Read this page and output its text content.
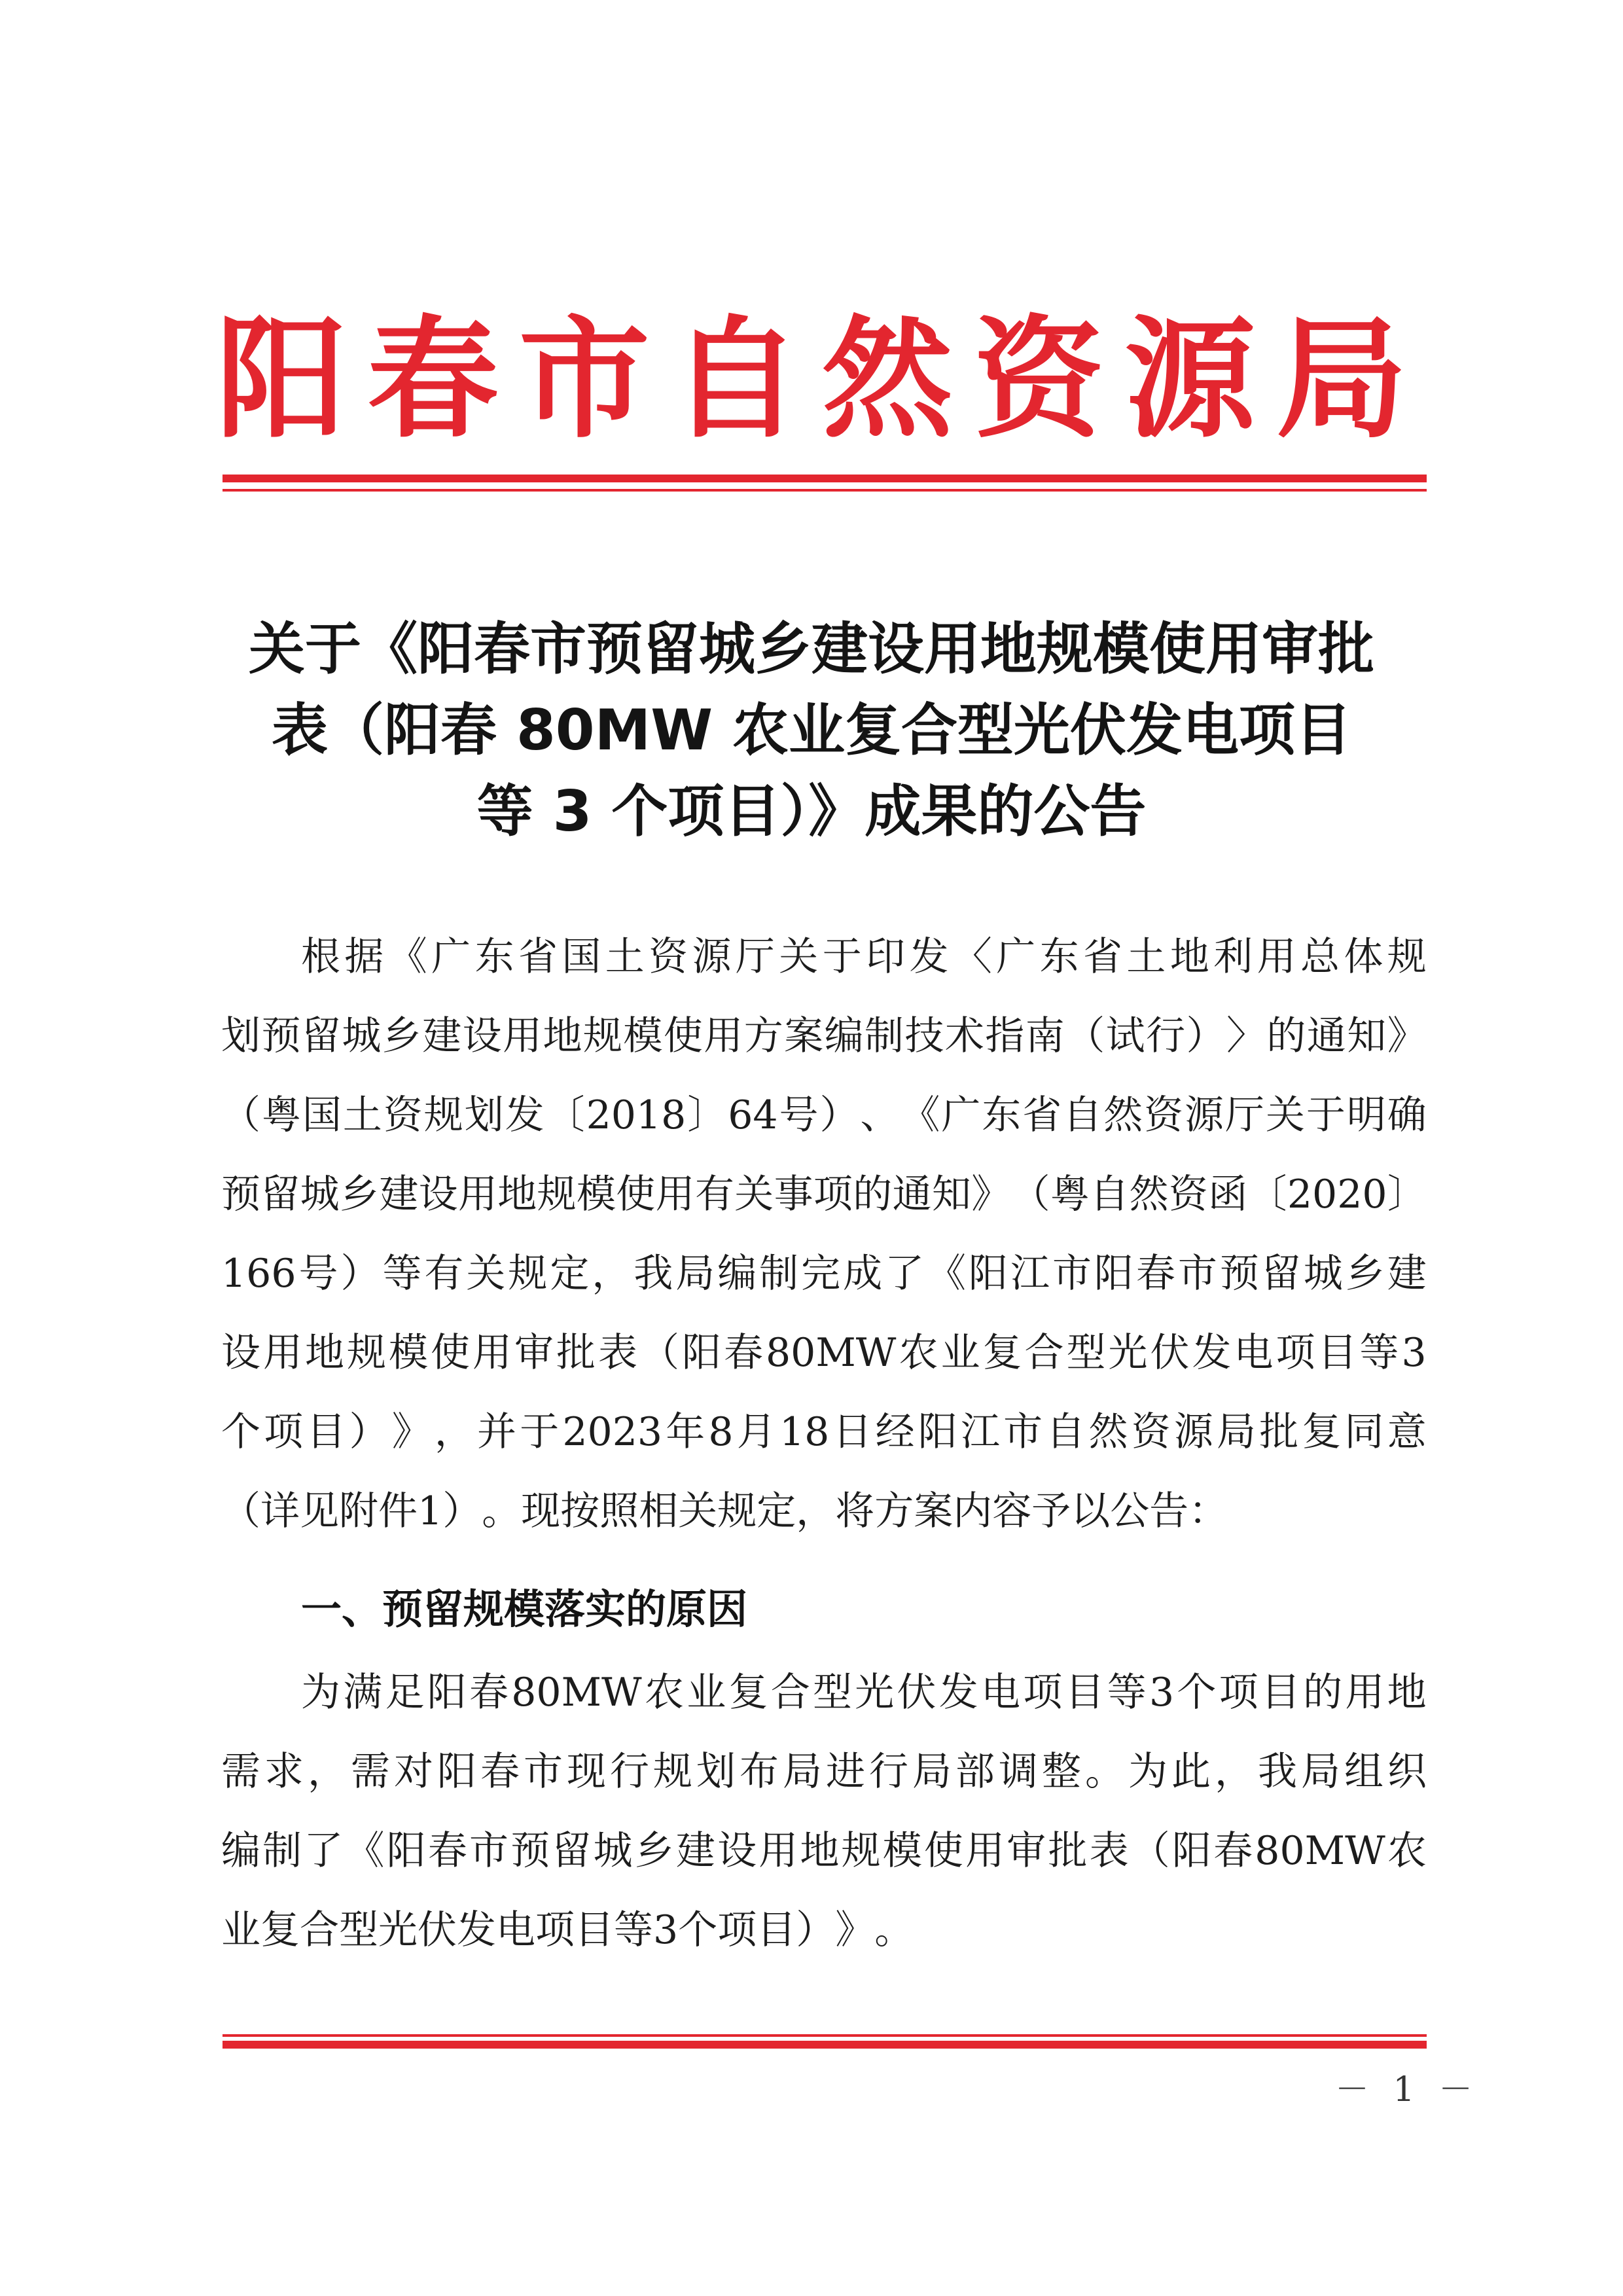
阳 春 市 自 然 资 源 局
关于《阳春市预留城乡建设用地规模使用审批
表（阳春 80MW 农业复合型光伏发电项目
等 3 个项目）》成果的公告
根 据 《 广 东 省 国 土 资 源 厅 关 于 印 发 〈 广 东 省 土 地 利 用 总 体 规
划 预 留 城 乡 建 设 用 地 规 模 使 用 方 案 编 制 技 术 指 南 （ 试 行 ） 〉 的 通 知 》
（ 粤 国 土 资 规 划 发 〔 2018 〕 64 号 ） 、 《 广 东 省 自 然 资 源 厅 关 于 明 确
预 留 城 乡 建 设 用 地 规 模 使 用 有 关 事 项 的 通 知 》 （ 粤 自 然 资 函 〔 2020 〕
166 号 ） 等 有 关 规 定 ， 我 局 编 制 完 成 了 《 阳 江 市 阳 春 市 预 留 城 乡 建
设 用 地 规 模 使 用 审 批 表 （ 阳 春 80MW 农 业 复 合 型 光 伏 发 电 项 目 等 3
个 项 目 ） 》 ， 并 于 2023 年 8 月 18 日 经 阳 江 市 自 然 资 源 局 批 复 同 意
（ 详 见 附 件 1 ） 。 现 按 照 相 关 规 定 ， 将 方 案 内 容 予 以 公 告 ：
一、预留规模落实的原因
为 满 足 阳 春 80MW 农 业 复 合 型 光 伏 发 电 项 目 等 3 个 项 目 的 用 地
需 求 ， 需 对 阳 春 市 现 行 规 划 布 局 进 行 局 部 调 整 。 为 此 ， 我 局 组 织
编 制 了 《 阳 春 市 预 留 城 乡 建 设 用 地 规 模 使 用 审 批 表 （ 阳 春 80MW 农
业 复 合 型 光 伏 发 电 项 目 等 3 个 项 目 ） 》 。
－ 1 －
